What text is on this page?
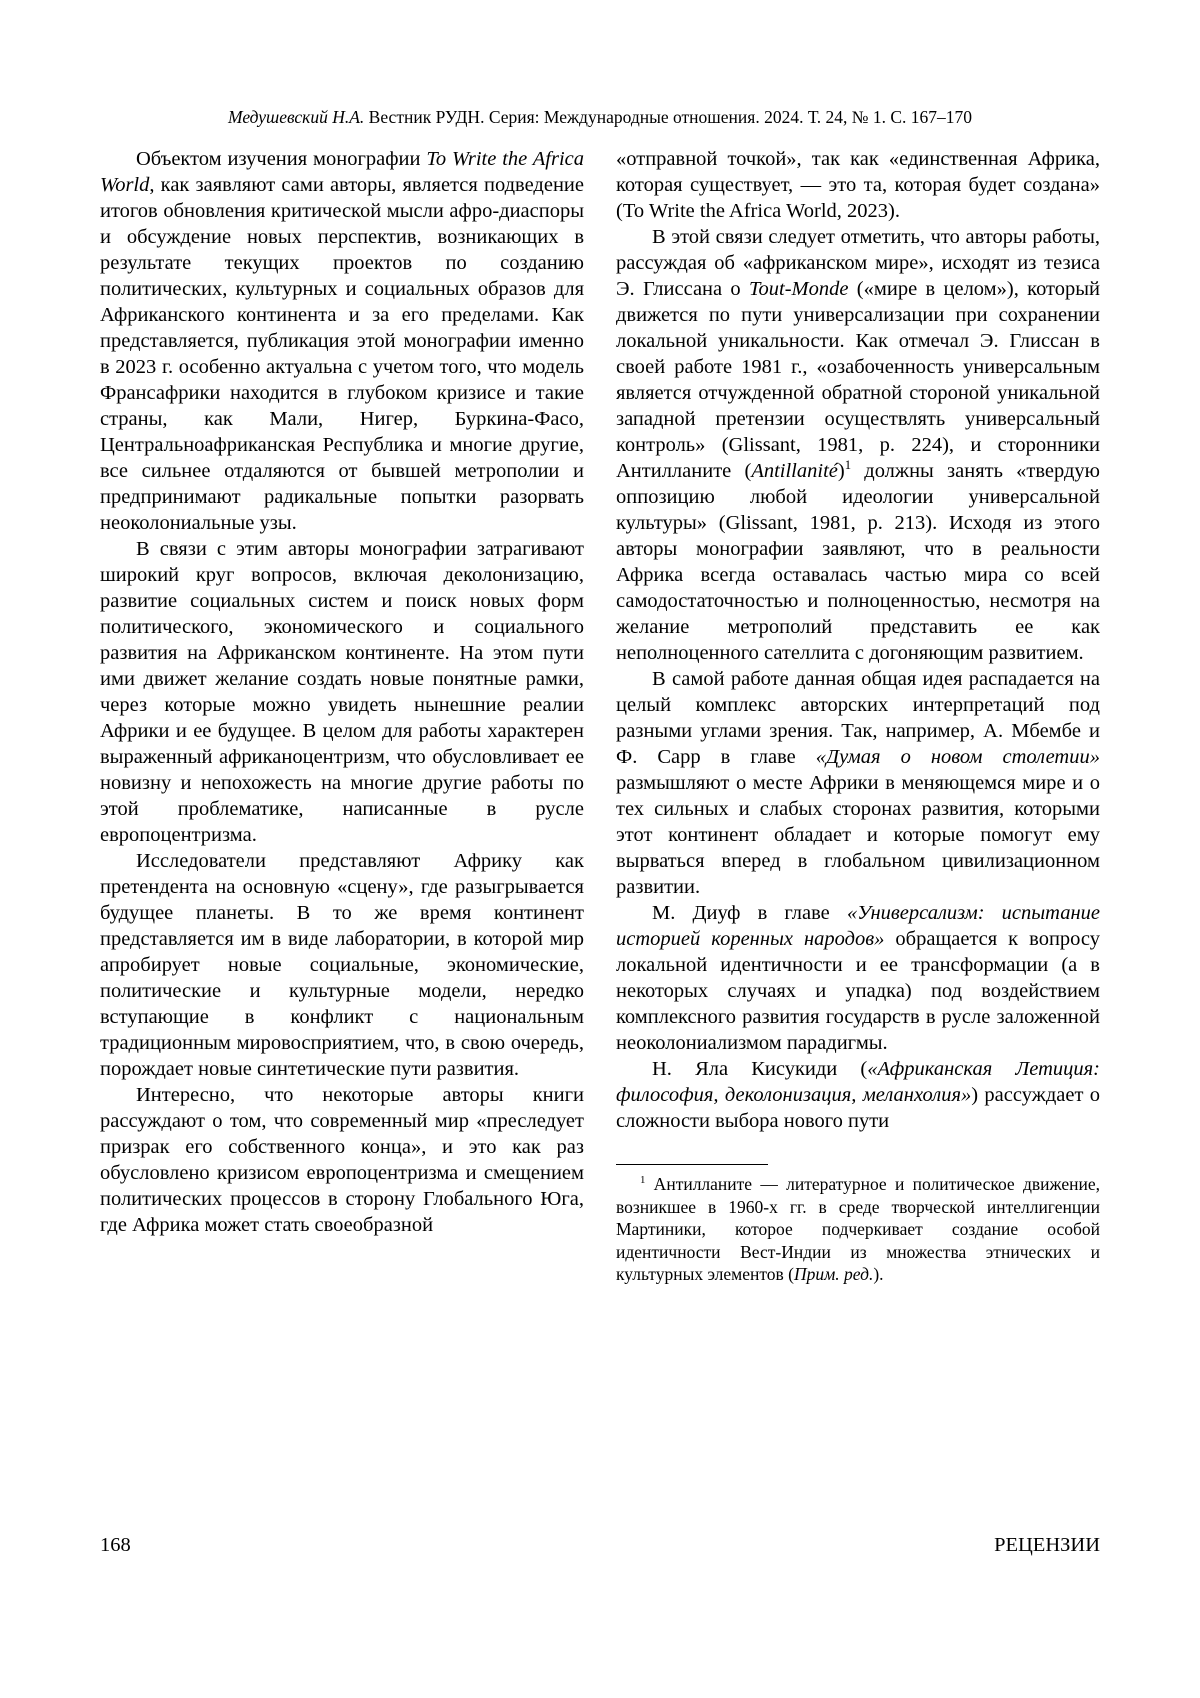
Медушевский Н.А. Вестник РУДН. Серия: Международные отношения. 2024. Т. 24, № 1. С. 167–170

Объектом изучения монографии To Write the Africa World, как заявляют сами авторы, является подведение итогов обновления критической мысли афро-диаспоры и обсуждение новых перспектив, возникающих в результате текущих проектов по созданию политических, культурных и социальных образов для Африканского континента и за его пределами. Как представляется, публикация этой монографии именно в 2023 г. особенно актуальна с учетом того, что модель Франсафрики находится в глубоком кризисе и такие страны, как Мали, Нигер, Буркина-Фасо, Центральноафриканская Республика и многие другие, все сильнее отдаляются от бывшей метрополии и предпринимают радикальные попытки разорвать неоколониальные узы.

В связи с этим авторы монографии затрагивают широкий круг вопросов, включая деколонизацию, развитие социальных систем и поиск новых форм политического, экономического и социального развития на Африканском континенте. На этом пути ими движет желание создать новые понятные рамки, через которые можно увидеть нынешние реалии Африки и ее будущее. В целом для работы характерен выраженный африканоцентризм, что обусловливает ее новизну и непохожесть на многие другие работы по этой проблематике, написанные в русле европоцентризма.

Исследователи представляют Африку как претендента на основную «сцену», где разыгрывается будущее планеты. В то же время континент представляется им в виде лаборатории, в которой мир апробирует новые социальные, экономические, политические и культурные модели, нередко вступающие в конфликт с национальным традиционным мировосприятием, что, в свою очередь, порождает новые синтетические пути развития.

Интересно, что некоторые авторы книги рассуждают о том, что современный мир «преследует призрак его собственного конца», и это как раз обусловлено кризисом европоцентризма и смещением политических процессов в сторону Глобального Юга, где Африка может стать своеобразной

«отправной точкой», так как «единственная Африка, которая существует, — это та, которая будет создана» (To Write the Africa World, 2023).

В этой связи следует отметить, что авторы работы, рассуждая об «африканском мире», исходят из тезиса Э. Глиссана о Tout-Monde («мире в целом»), который движется по пути универсализации при сохранении локальной уникальности. Как отмечал Э. Глиссан в своей работе 1981 г., «озабоченность универсальным является отчужденной обратной стороной уникальной западной претензии осуществлять универсальный контроль» (Glissant, 1981, p. 224), и сторонники Антилланите (Antillanité)$^1$ должны занять «твердую оппозицию любой идеологии универсальной культуры» (Glissant, 1981, p. 213). Исходя из этого авторы монографии заявляют, что в реальности Африка всегда оставалась частью мира со всей самодостаточностью и полноценностью, несмотря на желание метрополий представить ее как неполноценного сателлита с догоняющим развитием.

В самой работе данная общая идея распадается на целый комплекс авторских интерпретаций под разными углами зрения. Так, например, А. Мбембе и Ф. Сарр в главе «Думая о новом столетии» размышляют о месте Африки в меняющемся мире и о тех сильных и слабых сторонах развития, которыми этот континент обладает и которые помогут ему вырваться вперед в глобальном цивилизационном развитии.

М. Диуф в главе «Универсализм: испытание историей коренных народов» обращается к вопросу локальной идентичности и ее трансформации (а в некоторых случаях и упадка) под воздействием комплексного развития государств в русле заложенной неоколониализмом парадигмы.

Н. Яла Кисукиди («Африканская Летиция: философия, деколонизация, меланхолия») рассуждает о сложности выбора нового пути

$^1$ Антилланите — литературное и политическое движение, возникшее в 1960-х гг. в среде творческой интеллигенции Мартиники, которое подчеркивает создание особой идентичности Вест-Индии из множества этнических и культурных элементов (Прим. ред.).

168	РЕЦЕНЗИИ
